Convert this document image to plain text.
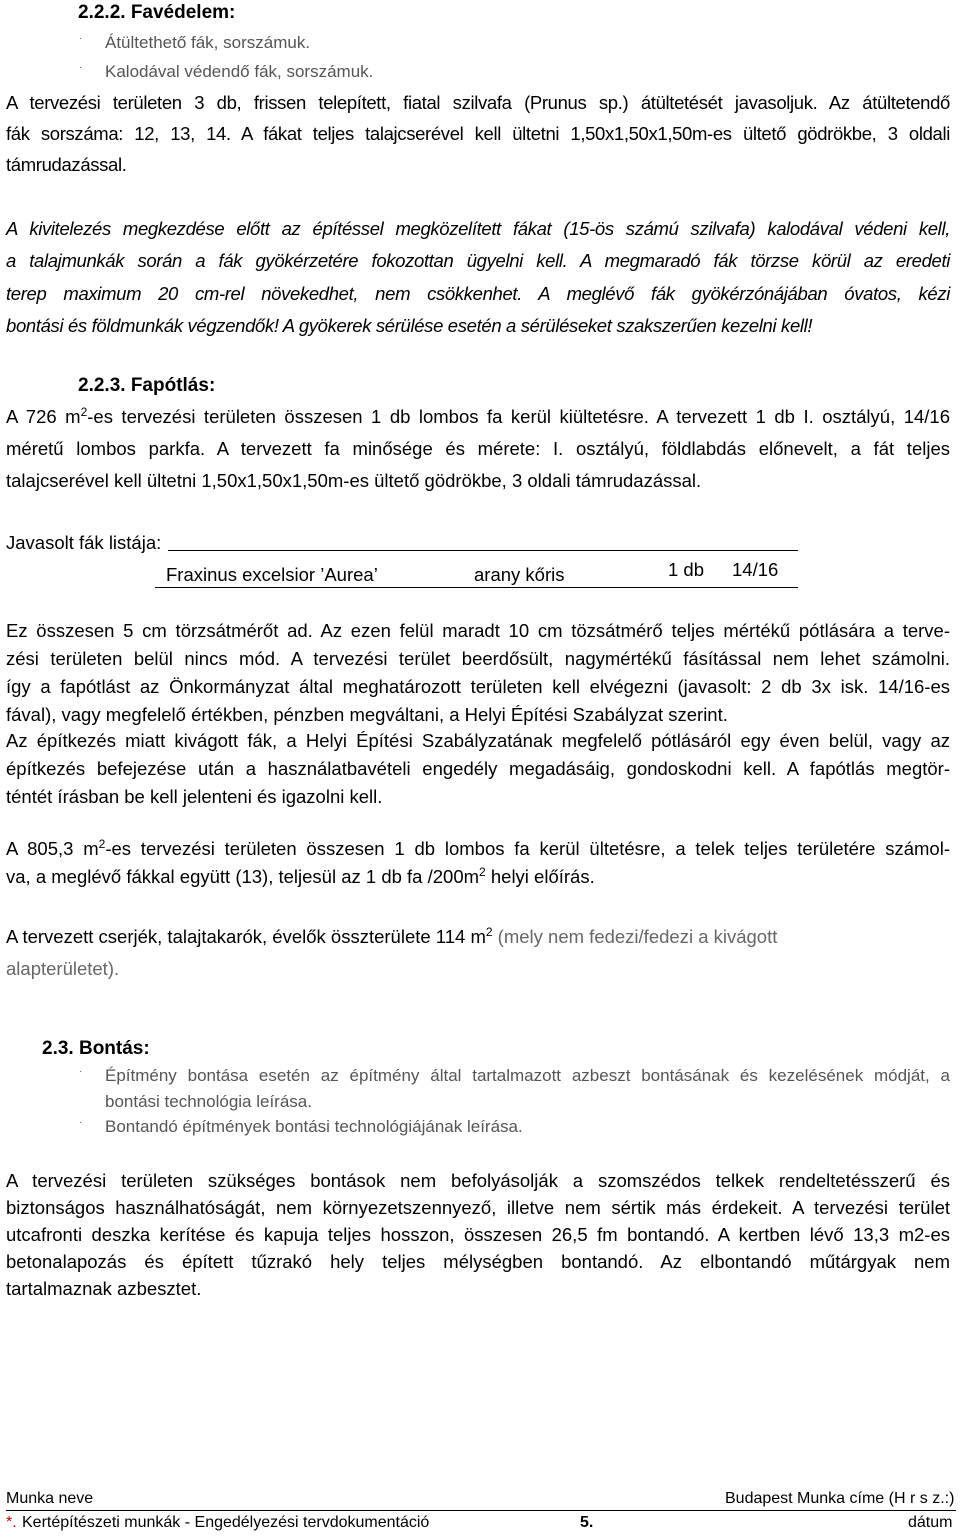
2.2.2. Favédelem:
· Átültethető fák, sorszámuk.
· Kalodával védendő fák, sorszámuk.
A tervezési területen 3 db, frissen telepített, fiatal szilvafa (Prunus sp.) átültetését javasoljuk. Az átültetendő
fák sorszáma: 12, 13, 14. A fákat teljes talajcserével kell ültetni 1,50x1,50x1,50m-es ültető gödrökbe, 3 oldali
támrudazással.
A kivitelezés megkezdése előtt az építéssel megközelített fákat (15-ös számú szilvafa) kalodával védeni kell,
a talajmunkák során a fák gyökérzetére fokozottan ügyelni kell. A megmaradó fák törzse körül az eredeti
terep maximum 20 cm-rel növekedhet, nem csökkenhet. A meglévő fák gyökérzónájában óvatos, kézi
bontási és földmunkák végzendők! A gyökerek sérülése esetén a sérüléseket szakszerűen kezelni kell!
2.2.3. Fapótlás:
A 726 $m^2-es$ tervezési területen összesen 1 db lombos fa kerül kiültetésre. A tervezett 1 db I. osztályú, 14/16
méretű lombos parkfa. A tervezett fa minősége és mérete: I. osztályú, földlabdás előnevelt, a fát teljes
talajcserével kell ültetni 1,50x1,50x1,50m-es ültető gödrökbe, 3 oldali támrudazással.
Javasolt fák listája:
Fraxinus excelsior ’Aurea’	arany kőris	1 db 14/16
Ez összesen 5 cm törzsátmérőt ad. Az ezen felül maradt 10 cm tözsátmérő teljes mértékű pótlására a terve-
zési területen belül nincs mód. A tervezési terület beerdősült, nagymértékű fásítással nem lehet számolni.
így a fapótlást az Önkormányzat által meghatározott területen kell elvégezni (javasolt: 2 db 3x isk. 14/16-es
fával), vagy megfelelő értékben, pénzben megváltani, a Helyi Építési Szabályzat szerint.
Az építkezés miatt kivágott fák, a Helyi Építési Szabályzatának megfelelő pótlásáról egy éven belül, vagy az
építkezés befejezése után a használatbavételi engedély megadásáig, gondoskodni kell. A fapótlás megtör-
téntét írásban be kell jelenteni és igazolni kell.
A 805,3 $m^2-es$ tervezési területen összesen 1 db lombos fa kerül ültetésre, a telek teljes területére számol-
va, a meglévő fákkal együtt (13), teljesül az 1 db fa $/200m^2$ helyi előírás.
A tervezett cserjék, talajtakarók, évelők összterülete 114 $m^2$ (mely nem fedezi/fedezi a kivágott
alapterületet).
2.3. Bontás:
· Építmény bontása esetén az építmény által tartalmazott azbeszt bontásának és kezelésének módját, a
bontási technológia leírása.
· Bontandó építmények bontási technológiájának leírása.
A tervezési területen szükséges bontások nem befolyásolják a szomszédos telkek rendeltetésszerű és
biztonságos használhatóságát, nem környezetszennyező, illetve nem sértik más érdekeit. A tervezési terület
utcafronti deszka kerítése és kapuja teljes hosszon, összesen 26,5 fm bontandó. A kertben lévő 13,3 m2-es
betonalapozás és épített tűzrakó hely teljes mélységben bontandó. Az elbontandó műtárgyak nem
tartalmaznak azbesztet.
Munka neve	Budapest Munka címe (H r s z.:)
*. Kertépítészeti munkák - Engedélyezési tervdokumentáció	5.	dátum
